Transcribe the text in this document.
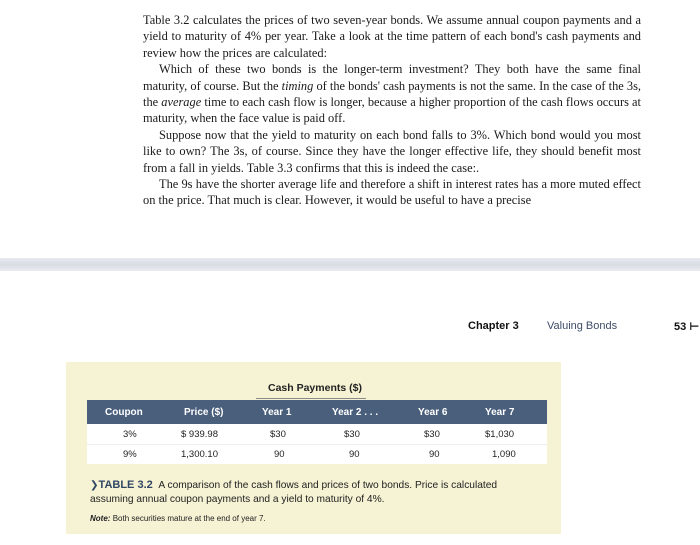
Table 3.2 calculates the prices of two seven-year bonds. We assume annual coupon payments and a yield to maturity of 4% per year. Take a look at the time pattern of each bond's cash payments and review how the prices are calculated:

Which of these two bonds is the longer-term investment? They both have the same final maturity, of course. But the timing of the bonds' cash payments is not the same. In the case of the 3s, the average time to each cash flow is longer, because a higher proportion of the cash flows occurs at maturity, when the face value is paid off.

Suppose now that the yield to maturity on each bond falls to 3%. Which bond would you most like to own? The 3s, of course. Since they have the longer effective life, they should benefit most from a fall in yields. Table 3.3 confirms that this is indeed the case:.

The 9s have the shorter average life and therefore a shift in interest rates has a more muted effect on the price. That much is clear. However, it would be useful to have a precise

Chapter 3	Valuing Bonds	53 ⊢
Cash Payments ($)
Coupon	Price ($)	Year 1	Year 2 . . .	Year 6	Year 7
3%	$ 939.98	$30	$30	$30	$1,030
9%	1,300.10	90	90	90	1,090
❯TABLE 3.2 A comparison of the cash flows and prices of two bonds. Price is calculated assuming annual coupon payments and a yield to maturity of 4%.
Note: Both securities mature at the end of year 7.
